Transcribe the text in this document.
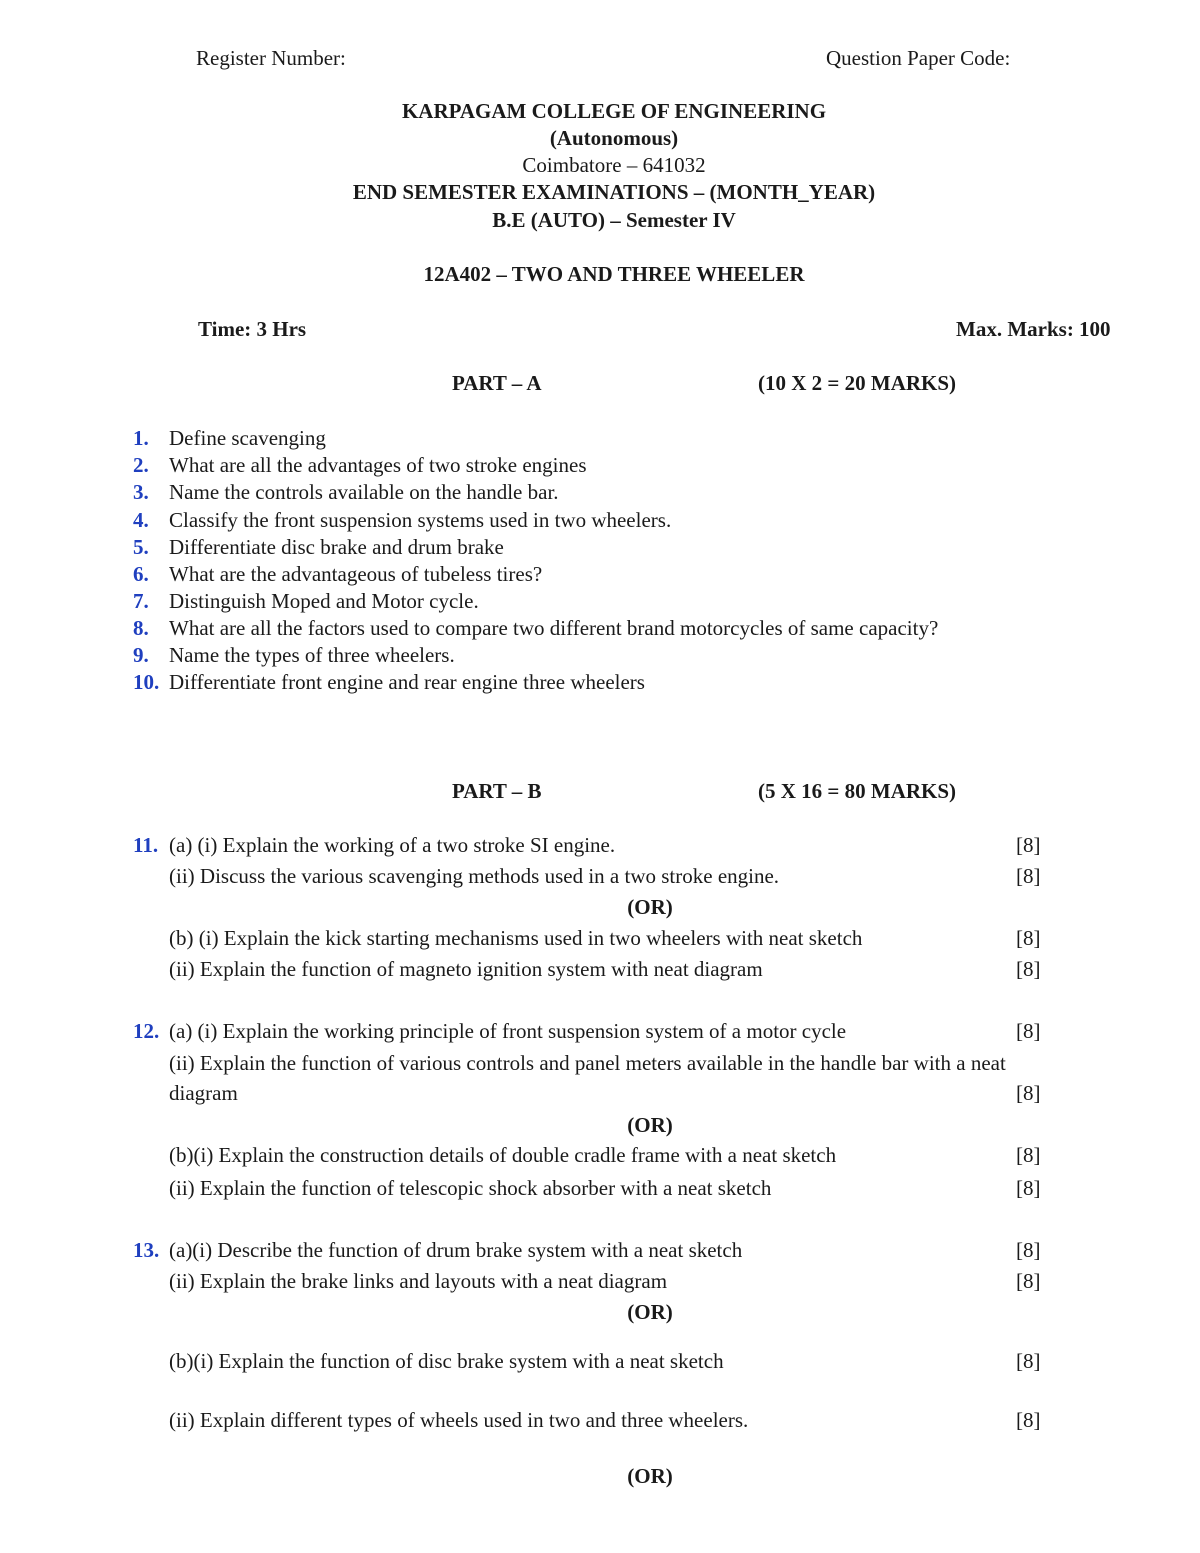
Register Number:	Question Paper Code:
KARPAGAM COLLEGE OF ENGINEERING
(Autonomous)
Coimbatore – 641032
END SEMESTER EXAMINATIONS – (MONTH_YEAR)
B.E (AUTO) – Semester IV
12A402 – TWO AND THREE WHEELER
Time: 3 Hrs	Max. Marks: 100
PART – A	(10 X 2 = 20 MARKS)
1. Define scavenging
2. What are all the advantages of two stroke engines
3. Name the controls available on the handle bar.
4. Classify the front suspension systems used in two wheelers.
5. Differentiate disc brake and drum brake
6. What are the advantageous of tubeless tires?
7. Distinguish Moped and Motor cycle.
8. What are all the factors used to compare two different brand motorcycles of same capacity?
9. Name the types of three wheelers.
10. Differentiate front engine and rear engine three wheelers
PART – B	(5 X 16 = 80 MARKS)
11. (a) (i) Explain the working of a two stroke SI engine.	[8]
(ii) Discuss the various scavenging methods used in a two stroke engine.	[8]
(OR)
(b) (i) Explain the kick starting mechanisms used in two wheelers with neat sketch	[8]
(ii) Explain the function of magneto ignition system with neat diagram	[8]
12. (a) (i) Explain the working principle of front suspension system of a motor cycle	[8]
(ii) Explain the function of various controls and panel meters available in the handle bar with a neat
diagram	[8]
(OR)
(b)(i) Explain the construction details of double cradle frame with a neat sketch	[8]
(ii) Explain the function of telescopic shock absorber with a neat sketch	[8]
13. (a)(i) Describe the function of drum brake system with a neat sketch	[8]
(ii) Explain the brake links and layouts with a neat diagram	[8]
(OR)
(b)(i) Explain the function of disc brake system with a neat sketch	[8]
(ii) Explain different types of wheels used in two and three wheelers.	[8]
(OR)
